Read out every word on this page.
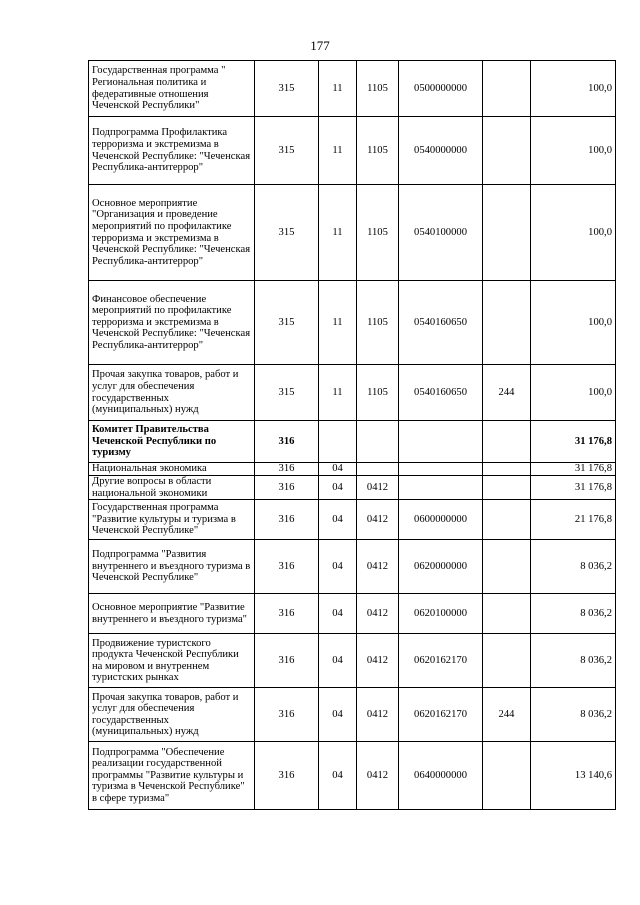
177
Государственная программа " Региональная политика и федеративные отношения Чеченской Республики"	315	11	1105	0500000000		100,0
Подпрограмма Профилактика терроризма и экстремизма в Чеченской Республике: "Чеченская Республика-антитеррор"	315	11	1105	0540000000		100,0
Основное мероприятие "Организация и проведение мероприятий по профилактике терроризма и экстремизма в Чеченской Республике: "Чеченская Республика-антитеррор"	315	11	1105	0540100000		100,0
Финансовое обеспечение мероприятий по профилактике терроризма и экстремизма в Чеченской Республике: "Чеченская Республика-антитеррор"	315	11	1105	0540160650		100,0
Прочая закупка товаров, работ и услуг для обеспечения государственных (муниципальных) нужд	315	11	1105	0540160650	244	100,0
Комитет Правительства Чеченской Республики по туризму	316					31 176,8
Национальная экономика	316	04				31 176,8
Другие вопросы в области национальной экономики	316	04	0412			31 176,8
Государственная программа "Развитие культуры и туризма в Чеченской Республике"	316	04	0412	0600000000		21 176,8
Подпрограмма "Развития внутреннего и въездного туризма в Чеченской Республике"	316	04	0412	0620000000		8 036,2
Основное мероприятие "Развитие внутреннего и въездного туризма"	316	04	0412	0620100000		8 036,2
Продвижение туристского продукта Чеченской Республики на мировом и внутреннем туристских рынках	316	04	0412	0620162170		8 036,2
Прочая закупка товаров, работ и услуг для обеспечения государственных (муниципальных) нужд	316	04	0412	0620162170	244	8 036,2
Подпрограмма "Обеспечение реализации государственной программы "Развитие культуры и туризма в Чеченской Республике" в сфере туризма"	316	04	0412	0640000000		13 140,6
